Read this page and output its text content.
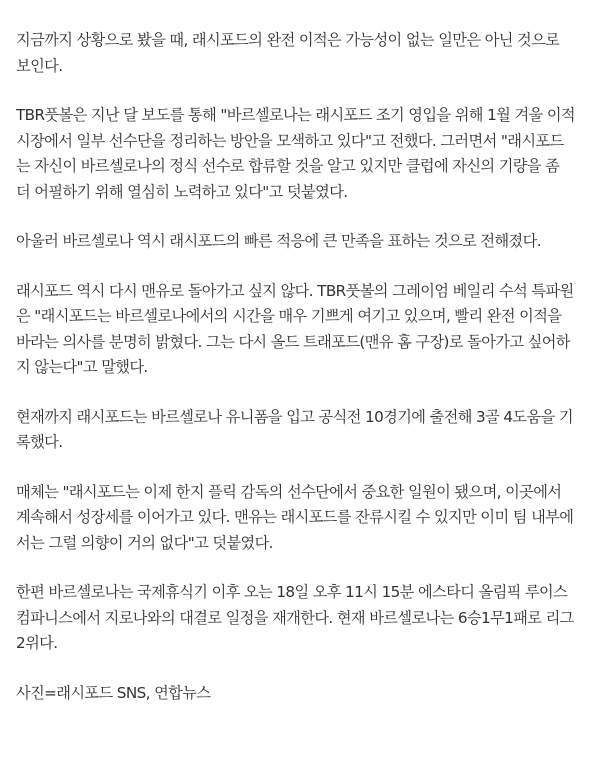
지금까지 상황으로 봤을 때, 래시포드의 완전 이적은 가능성이 없는 일만은 아닌 것으로
보인다.

TBR풋볼은 지난 달 보도를 통해 "바르셀로나는 래시포드 조기 영입을 위해 1월 겨울 이적
시장에서 일부 선수단을 정리하는 방안을 모색하고 있다"고 전했다. 그러면서 "래시포드
는 자신이 바르셀로나의 정식 선수로 합류할 것을 알고 있지만 클럽에 자신의 기량을 좀
더 어필하기 위해 열심히 노력하고 있다"고 덧붙였다.

아울러 바르셀로나 역시 래시포드의 빠른 적응에 큰 만족을 표하는 것으로 전해졌다.

래시포드 역시 다시 맨유로 돌아가고 싶지 않다. TBR풋볼의 그레이엄 베일리 수석 특파원
은 "래시포드는 바르셀로나에서의 시간을 매우 기쁘게 여기고 있으며, 빨리 완전 이적을
바라는 의사를 분명히 밝혔다. 그는 다시 올드 트래포드(맨유 홈 구장)로 돌아가고 싶어하
지 않는다"고 말했다.

현재까지 래시포드는 바르셀로나 유니폼을 입고 공식전 10경기에 출전해 3골 4도움을 기
록했다.

매체는 "래시포드는 이제 한지 플릭 감독의 선수단에서 중요한 일원이 됐으며, 이곳에서
계속해서 성장세를 이어가고 있다. 맨유는 래시포드를 잔류시킬 수 있지만 이미 팀 내부에
서는 그럴 의향이 거의 없다"고 덧붙였다.

한편 바르셀로나는 국제휴식기 이후 오는 18일 오후 11시 15분 에스타디 올림픽 루이스
컴파니스에서 지로나와의 대결로 일정을 재개한다. 현재 바르셀로나는 6승1무1패로 리그
2위다.

사진=래시포드 SNS, 연합뉴스
